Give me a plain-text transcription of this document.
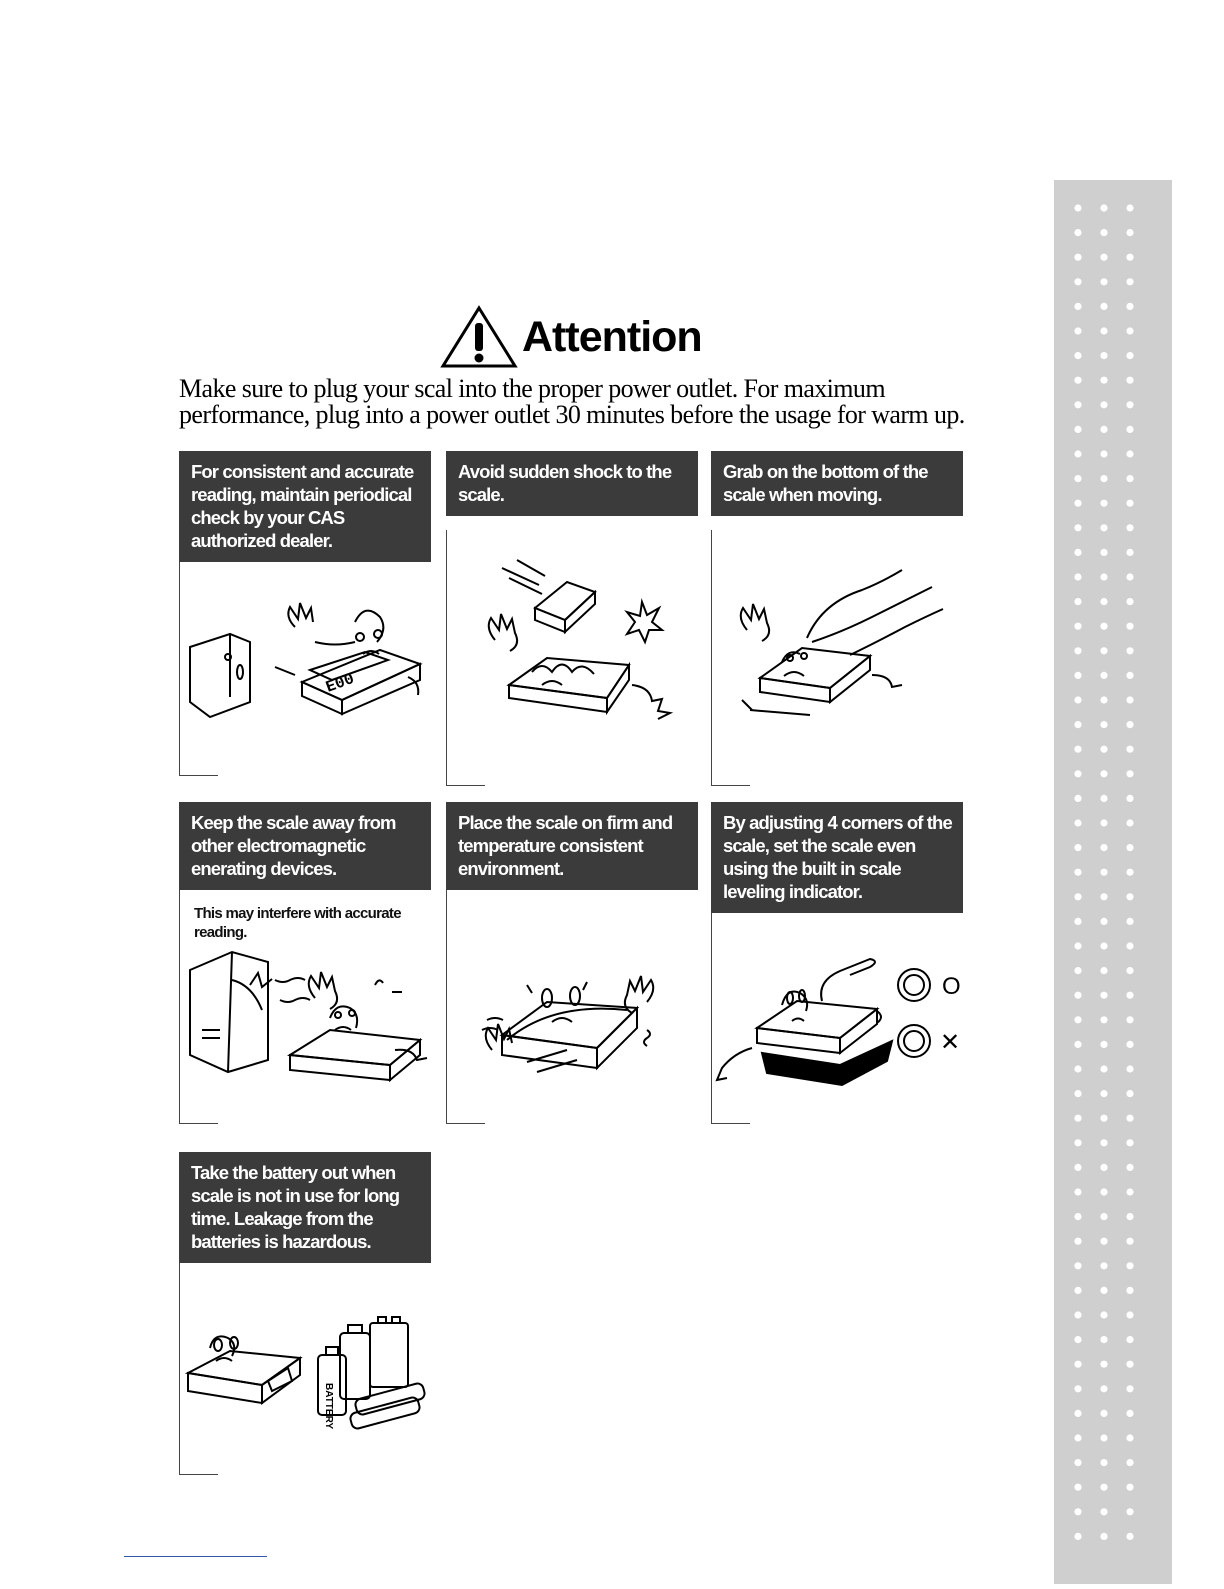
Attention
Make sure to plug your scal into the proper power outlet. For maximum performance, plug into a power outlet 30 minutes before the usage for warm up.
For consistent and accurate reading, maintain periodical check by your CAS authorized dealer.
E00
Avoid sudden shock to the scale.
Grab on the bottom of the scale when moving.
Keep the scale away from other electromagnetic enerating devices.
This may interfere with accurate reading.
Place the scale on firm and temperature consistent environment.
By adjusting 4 corners of the scale, set the scale even using the built in scale leveling indicator.
O
✕
Take the battery out when scale is not in use for long time. Leakage from the batteries is hazardous.
BATTERY
